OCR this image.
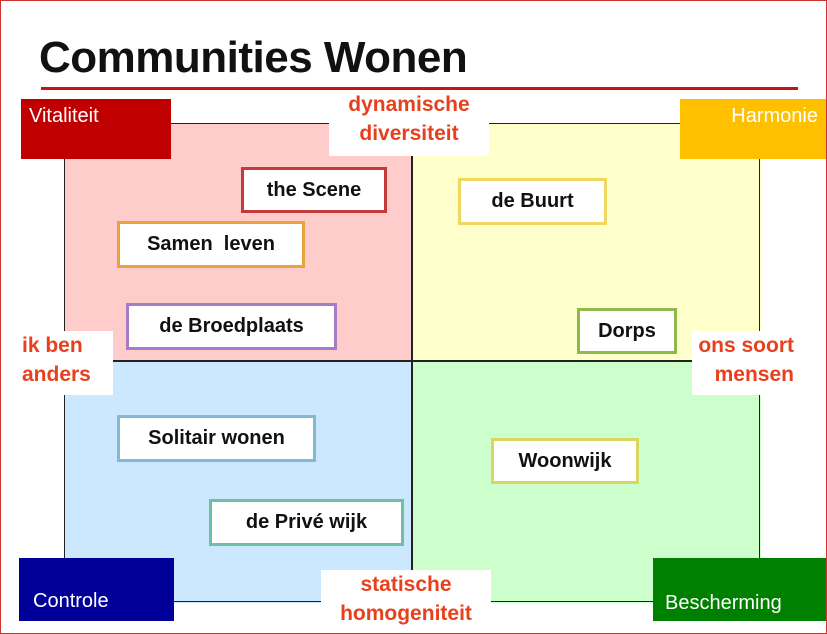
Communities Wonen
Vitaliteit	Harmonie
Controle	Bescherming
dynamische
diversiteit
statische
homogeniteit
ik ben
anders
ons soort
mensen
the Scene
Samen  leven
de Broedplaats
de Buurt
Dorps
Solitair wonen
de Privé wijk
Woonwijk
